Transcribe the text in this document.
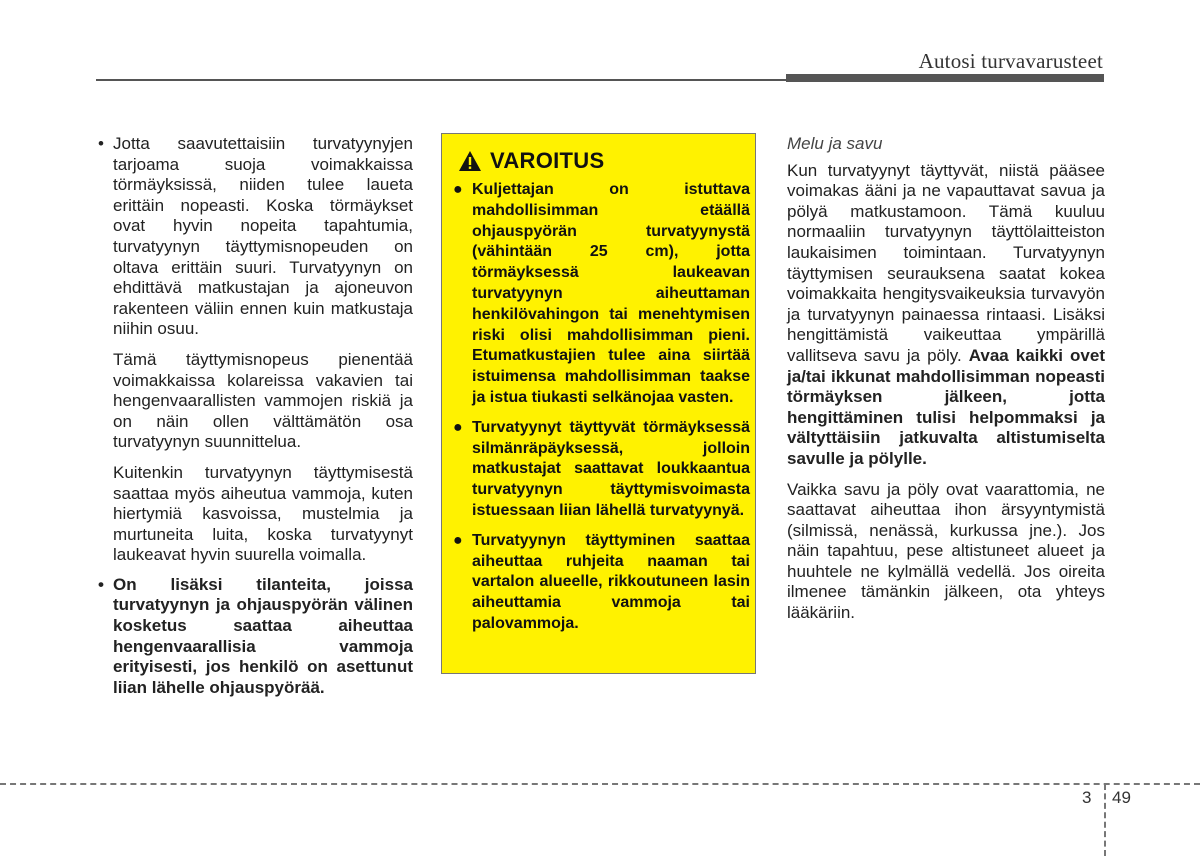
Autosi turvavarusteet
• Jotta saavutettaisiin turvatyynyjen tarjoama suoja voimakkaissa törmäyksissä, niiden tulee laueta erittäin nopeasti. Koska törmäykset ovat hyvin nopeita tapahtumia, turvatyynyn täyttymisnopeuden on oltava erittäin suuri. Turvatyynyn on ehdittävä matkustajan ja ajoneuvon rakenteen väliin ennen kuin matkustaja niihin osuu.
Tämä täyttymisnopeus pienentää voimakkaissa kolareissa vakavien tai hengenvaarallisten vammojen riskiä ja on näin ollen välttämätön osa turvatyynyn suunnittelua.
Kuitenkin turvatyynyn täyttymisestä saattaa myös aiheutua vammoja, kuten hiertymiä kasvoissa, mustelmia ja murtuneita luita, koska turvatyynyt laukeavat hyvin suurella voimalla.
• On lisäksi tilanteita, joissa turvatyynyn ja ohjauspyörän välinen kosketus saattaa aiheuttaa hengenvaarallisia vammoja erityisesti, jos henkilö on asettunut liian lähelle ohjauspyörää.
VAROITUS
● Kuljettajan on istuttava mahdollisimman etäällä ohjauspyörän turvatyynystä (vähintään 25 cm), jotta törmäyksessä laukeavan turvatyynyn aiheuttaman henkilövahingon tai menehtymisen riski olisi mahdollisimman pieni. Etumatkustajien tulee aina siirtää istuimensa mahdollisimman taakse ja istua tiukasti selkänojaa vasten.
● Turvatyynyt täyttyvät törmäyksessä silmänräpäyksessä, jolloin matkustajat saattavat loukkaantua turvatyynyn täyttymisvoimasta istuessaan liian lähellä turvatyynyä.
● Turvatyynyn täyttyminen saattaa aiheuttaa ruhjeita naaman tai vartalon alueelle, rikkoutuneen lasin aiheuttamia vammoja tai palovammoja.
Melu ja savu
Kun turvatyynyt täyttyvät, niistä pääsee voimakas ääni ja ne vapauttavat savua ja pölyä matkustamoon. Tämä kuuluu normaaliin turvatyynyn täyttölaitteiston laukaisimen toimintaan. Turvatyynyn täyttymisen seurauksena saatat kokea voimakkaita hengitysvaikeuksia turvavyön ja turvatyynyn painaessa rintaasi. Lisäksi hengittämistä vaikeuttaa ympärillä vallitseva savu ja pöly. Avaa kaikki ovet ja/tai ikkunat mahdollisimman nopeasti törmäyksen jälkeen, jotta hengittäminen tulisi helpommaksi ja vältyttäisiin jatkuvalta altistumiselta savulle ja pölylle.
Vaikka savu ja pöly ovat vaarattomia, ne saattavat aiheuttaa ihon ärsyyntymistä (silmissä, nenässä, kurkussa jne.). Jos näin tapahtuu, pese altistuneet alueet ja huuhtele ne kylmällä vedellä. Jos oireita ilmenee tämänkin jälkeen, ota yhteys lääkäriin.
3 49
